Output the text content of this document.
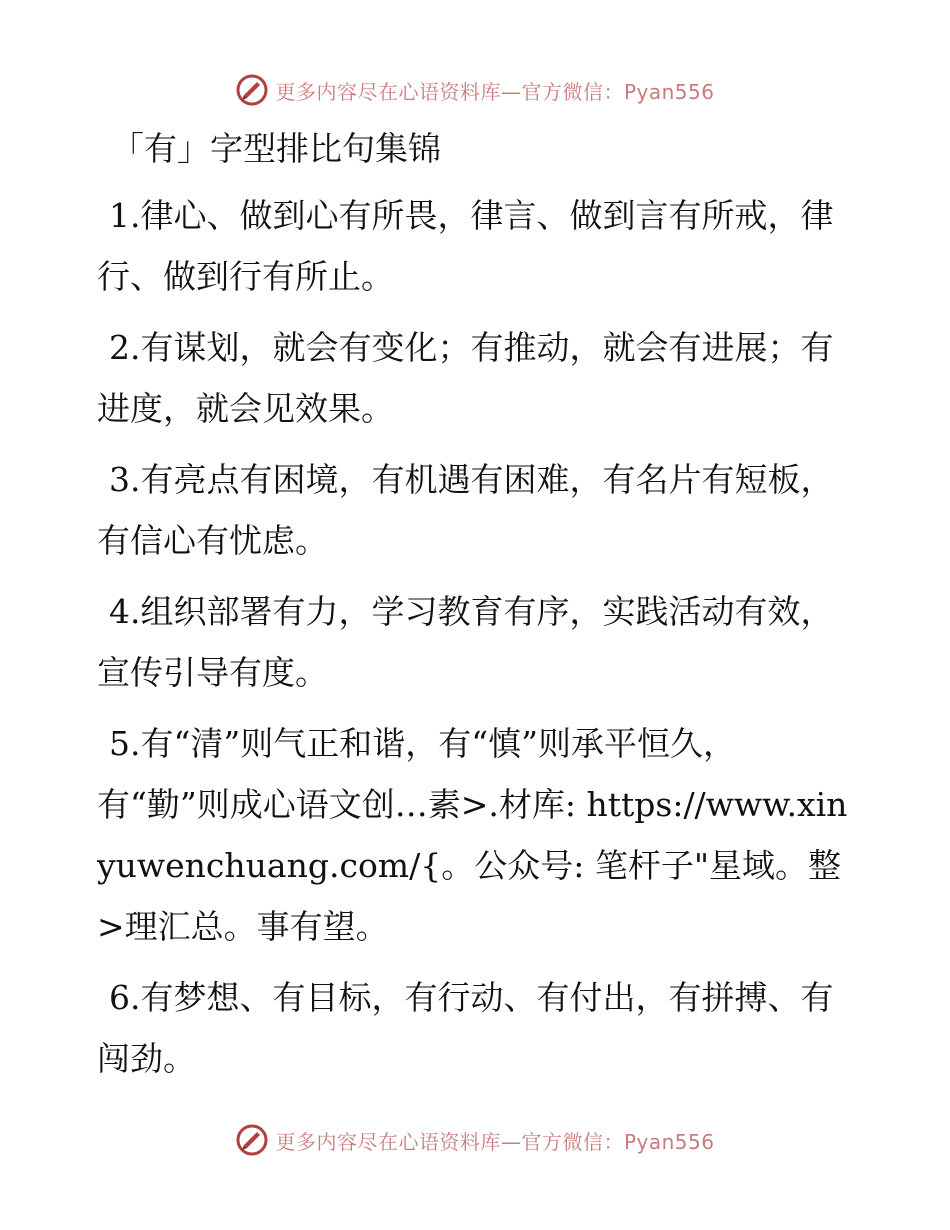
更多内容尽在心语资料库—官方微信：Pyan556
「有」字型排比句集锦

1.律心、做到心有所畏，律言、做到言有所戒，律行、做到行有所止。

2.有谋划，就会有变化；有推动，就会有进展；有进度，就会见效果。

3.有亮点有困境，有机遇有困难，有名片有短板，有信心有忧虑。

4.组织部署有力，学习教育有序，实践活动有效，宣传引导有度。

5.有“清”则气正和谐，有“慎”则承平恒久，有“勤”则成心语文创…素>.材库: https://www.xinyuwenchuang.com/{。公众号: 笔杆子"星域。整>理汇总。事有望。

6.有梦想、有目标，有行动、有付出，有拼搏、有闯劲。

更多内容尽在心语资料库—官方微信：Pyan556
